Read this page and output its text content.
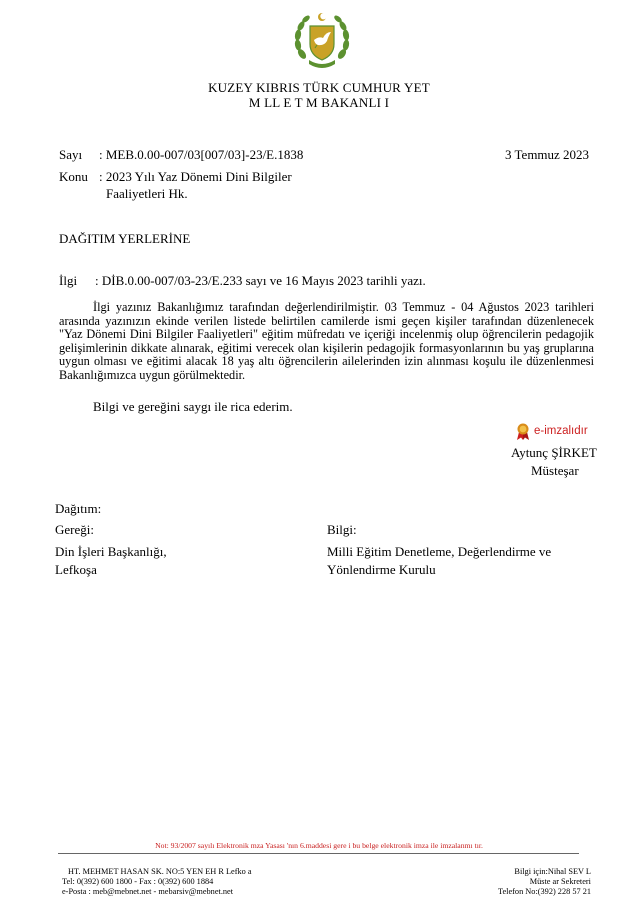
KUZEY KIBRIS TÜRK CUMHUR YET
M LL E T M BAKANLI I
Sayı : MEB.0.00-007/03[007/03]-23/E.1838	3 Temmuz 2023
Konu : 2023 Yılı Yaz Dönemi Dini Bilgiler
Faaliyetleri Hk.
DAĞITIM YERLERİNE
İlgi : DİB.0.00-007/03-23/E.233 sayı ve 16 Mayıs 2023 tarihli yazı.
İlgi yazınız Bakanlığımız tarafından değerlendirilmiştir. 03 Temmuz - 04 Ağustos 2023 tarihleri arasında yazınızın ekinde verilen listede belirtilen camilerde ismi geçen kişiler tarafından düzenlenecek "Yaz Dönemi Dini Bilgiler Faaliyetleri" eğitim müfredatı ve içeriği incelenmiş olup öğrencilerin pedagojik gelişimlerinin dikkate alınarak, eğitimi verecek olan kişilerin pedagojik formasyonlarının bu yaş gruplarına uygun olması ve eğitimi alacak 18 yaş altı öğrencilerin ailelerinden izin alınması koşulu ile düzenlenmesi Bakanlığımızca uygun görülmektedir.
Bilgi ve gereğini saygı ile rica ederim.
e-imzalıdır
Aytunç ŞİRKET
Müsteşar
Dağıtım:
Gereği:
Din İşleri Başkanlığı,
Lefkoşa
Bilgi:
Milli Eğitim Denetleme, Değerlendirme ve
Yönlendirme Kurulu
Not: 93/2007 sayılı Elektronik mza Yasası 'nın 6.maddesi gere i bu belge elektronik imza ile imzalanmı tır.
HT. MEHMET HASAN SK. NO:5 YEN EH R Lefko a
Tel: 0(392) 600 1800 - Fax : 0(392) 600 1884
e-Posta : meb@mebnet.net - mebarsiv@mebnet.net
Bilgi için:Nihal SEV L
Müste ar Sekreteri
Telefon No:(392) 228 57 21
